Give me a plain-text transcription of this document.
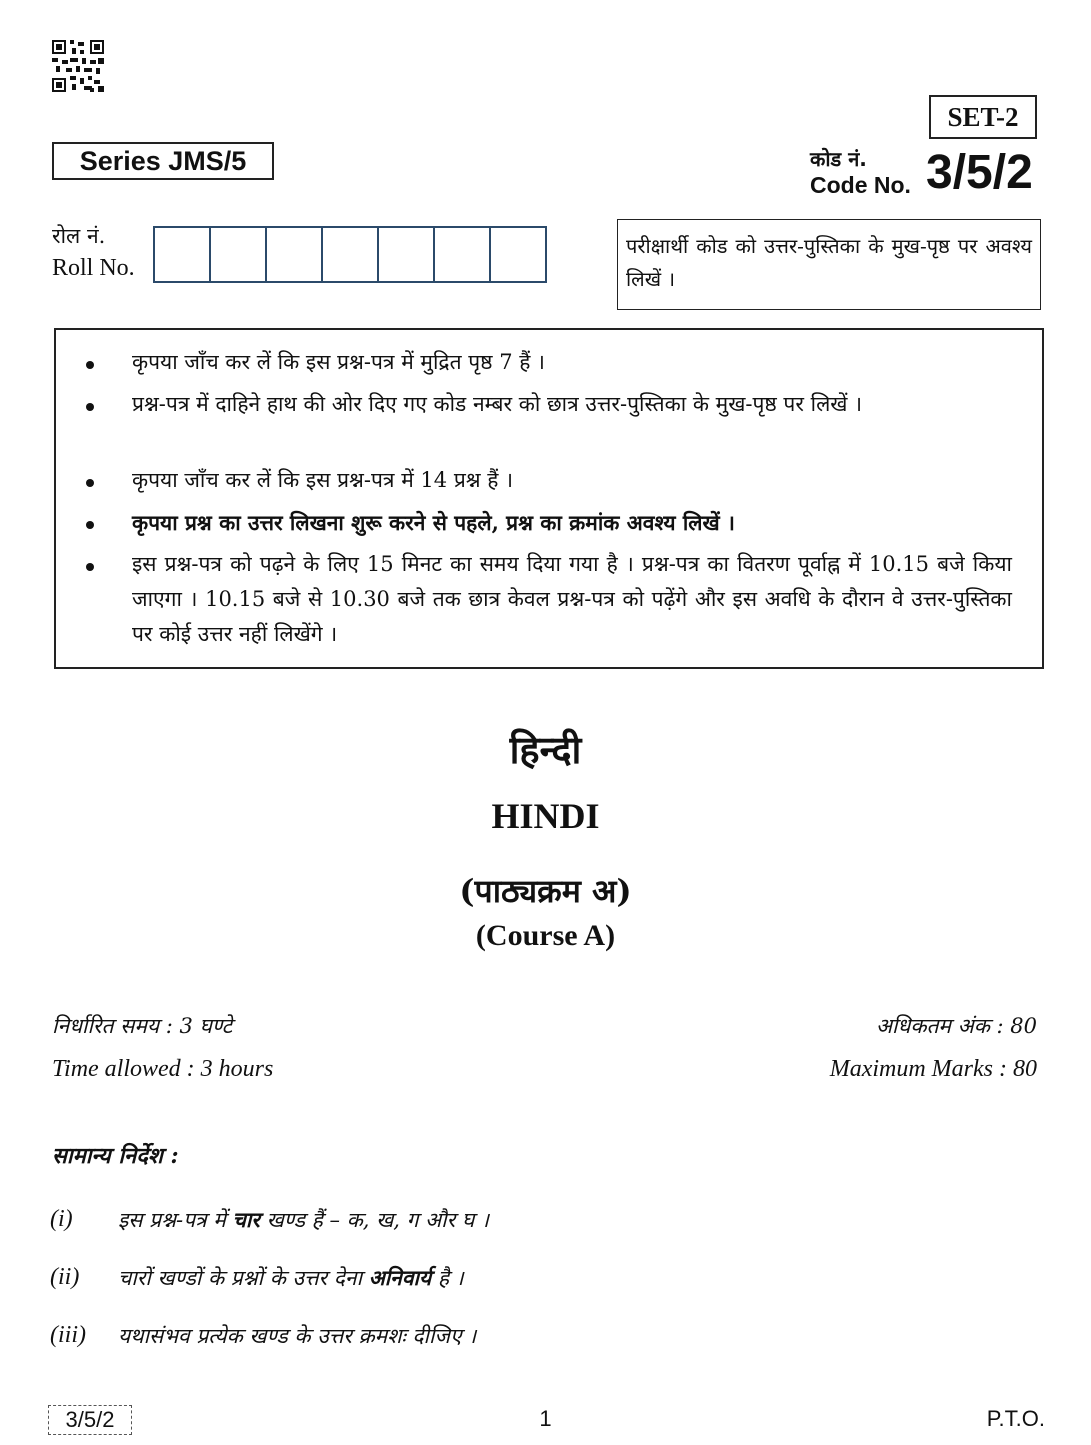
Series JMS/5
SET-2
कोड नं.
Code No. 3/5/2
रोल नं.
Roll No.
परीक्षार्थी कोड को उत्तर-पुस्तिका के मुख-पृष्ठ पर अवश्य लिखें ।
कृपया जाँच कर लें कि इस प्रश्न-पत्र में मुद्रित पृष्ठ 7 हैं ।
प्रश्न-पत्र में दाहिने हाथ की ओर दिए गए कोड नम्बर को छात्र उत्तर-पुस्तिका के मुख-पृष्ठ पर लिखें ।
कृपया जाँच कर लें कि इस प्रश्न-पत्र में 14 प्रश्न हैं ।
कृपया प्रश्न का उत्तर लिखना शुरू करने से पहले, प्रश्न का क्रमांक अवश्य लिखें ।
इस प्रश्न-पत्र को पढ़ने के लिए 15 मिनट का समय दिया गया है । प्रश्न-पत्र का वितरण पूर्वाह्न में 10.15 बजे किया जाएगा । 10.15 बजे से 10.30 बजे तक छात्र केवल प्रश्न-पत्र को पढ़ेंगे और इस अवधि के दौरान वे उत्तर-पुस्तिका पर कोई उत्तर नहीं लिखेंगे ।
हिन्दी
HINDI
(पाठ्यक्रम अ)
(Course A)
निर्धारित समय : 3 घण्टे
Time allowed : 3 hours
अधिकतम अंक : 80
Maximum Marks : 80
सामान्य निर्देश :
(i) इस प्रश्न-पत्र में चार खण्ड हैं – क, ख, ग और घ ।
(ii) चारों खण्डों के प्रश्नों के उत्तर देना अनिवार्य है ।
(iii) यथासंभव प्रत्येक खण्ड के उत्तर क्रमशः दीजिए ।
3/5/2	1	P.T.O.
